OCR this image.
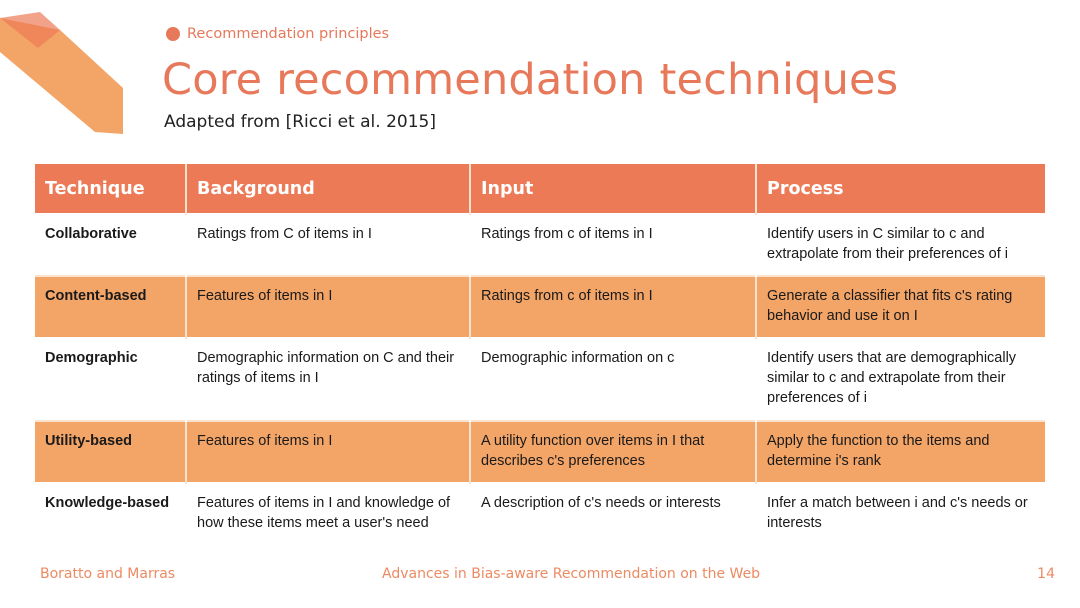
Recommendation principles
Core recommendation techniques
Adapted from [Ricci et al. 2015]
Technique	Background	Input	Process
Collaborative	Ratings from C of items in I	Ratings from c of items in I	Identify users in C similar to c and extrapolate from their preferences of i
Content-based	Features of items in I	Ratings from c of items in I	Generate a classifier that fits c's rating behavior and use it on I
Demographic	Demographic information on C and their ratings of items in I	Demographic information on c	Identify users that are demographically similar to c and extrapolate from their preferences of i
Utility-based	Features of items in I	A utility function over items in I that describes c's preferences	Apply the function to the items and determine i's rank
Knowledge-based	Features of items in I and knowledge of how these items meet a user's need	A description of c's needs or interests	Infer a match between i and c's needs or interests
Boratto and Marras	Advances in Bias-aware Recommendation on the Web	14
